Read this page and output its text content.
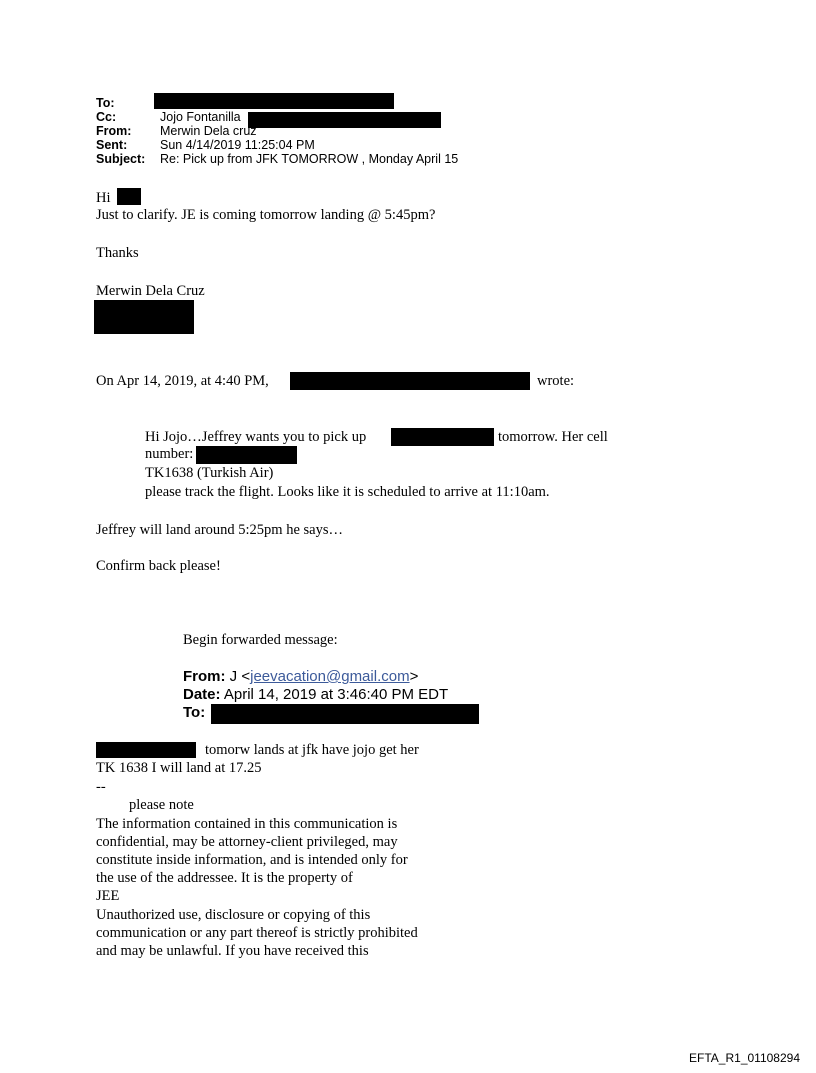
To:
Cc:	Jojo Fontanilla
From: Merwin Dela cruz
Sent:	Sun 4/14/2019 11:25:04 PM
Subject: Re: Pick up from JFK TOMORROW , Monday April 15
Hi
Just to clarify. JE is coming tomorrow landing @ 5:45pm?
Thanks
Merwin Dela Cruz
On Apr 14, 2019, at 4:40 PM,	wrote:
Hi Jojo…Jeffrey wants you to pick up	tomorrow. Her cell
number:
TK1638 (Turkish Air)
please track the flight. Looks like it is scheduled to arrive at 11:10am.
Jeffrey will land around 5:25pm he says…
Confirm back please!
Begin forwarded message:
From: J <jeevacation@gmail.com>
Date: April 14, 2019 at 3:46:40 PM EDT
To:
tomorw lands at jfk have jojo get her
TK 1638 I will land at 17.25
--
please note
The information contained in this communication is
confidential, may be attorney-client privileged, may
constitute inside information, and is intended only for
the use of the addressee. It is the property of
JEE
Unauthorized use, disclosure or copying of this
communication or any part thereof is strictly prohibited
and may be unlawful. If you have received this
EFTA_R1_01108294
